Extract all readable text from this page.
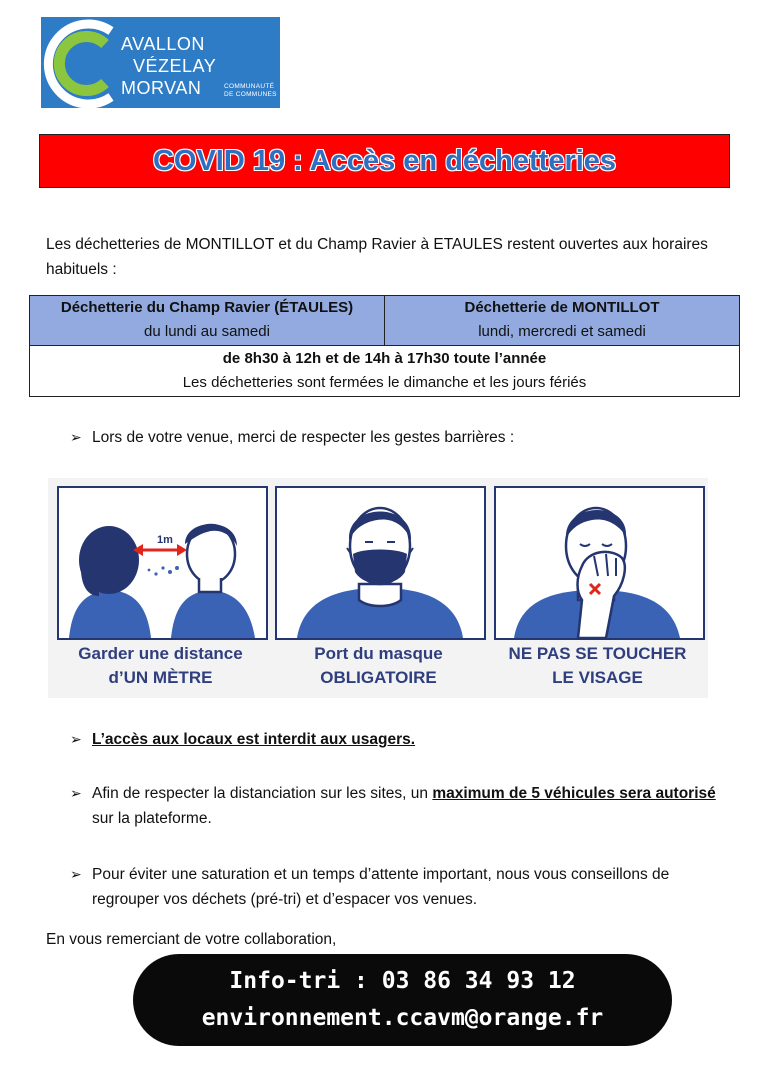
AVALLON
VÉZELAY
MORVAN	COMMUNAUTÉ
DE COMMUNES
COVID 19 : Accès en déchetteries
Les déchetteries de MONTILLOT et du Champ Ravier à ETAULES restent ouvertes aux horaires habituels :
Déchetterie du Champ Ravier (ÉTAULES)
du lundi au samedi
Déchetterie de MONTILLOT
lundi, mercredi et samedi
de 8h30 à 12h et de 14h à 17h30 toute l’année
Les déchetteries sont fermées le dimanche et les jours fériés
➢ Lors de votre venue, merci de respecter les gestes barrières :
1m
Garder une distance
d’UN MÈTRE
Port du masque
OBLIGATOIRE
NE PAS SE TOUCHER
LE VISAGE
➢ L’accès aux locaux est interdit aux usagers.
➢ Afin de respecter la distanciation sur les sites, un maximum de 5 véhicules sera autorisé sur la plateforme.
➢ Pour éviter une saturation et un temps d’attente important, nous vous conseillons de regrouper vos déchets (pré-tri) et d’espacer vos venues.
En vous remerciant de votre collaboration,
Info-tri : 03 86 34 93 12
environnement.ccavm@orange.fr
